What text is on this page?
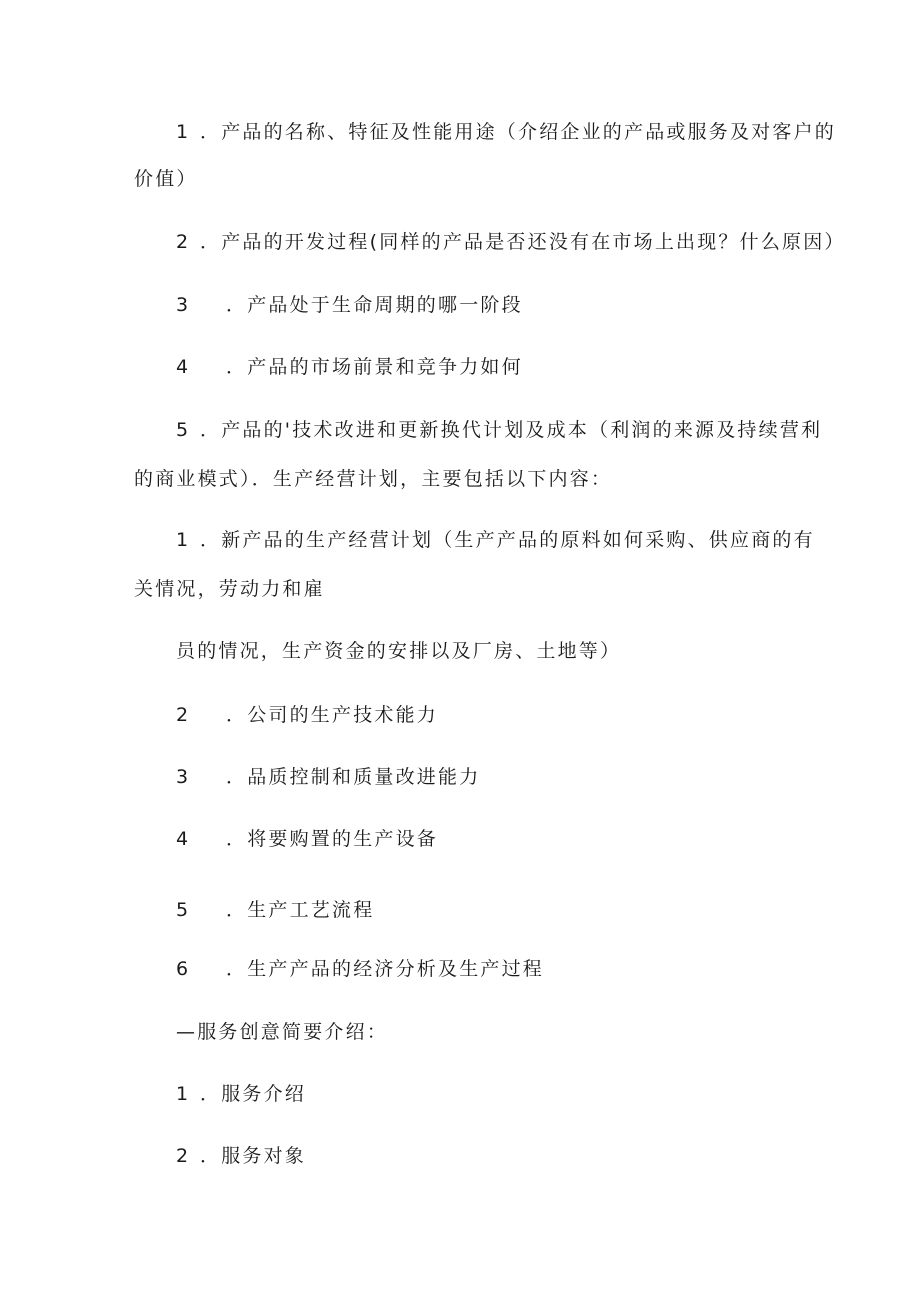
1 ．产品的名称、特征及性能用途（介绍企业的产品或服务及对客户的
价值）
2 ．产品的开发过程(同样的产品是否还没有在市场上出现？什么原因）
3 ．产品处于生命周期的哪一阶段
4 ．产品的市场前景和竞争力如何
5 ．产品的'技术改进和更新换代计划及成本（利润的来源及持续营利
的商业模式）．生产经营计划，主要包括以下内容：
1 ．新产品的生产经营计划（生产产品的原料如何采购、供应商的有
关情况，劳动力和雇
员的情况，生产资金的安排以及厂房、土地等）
2 ．公司的生产技术能力
3 ．品质控制和质量改进能力
4 ．将要购置的生产设备
5 ．生产工艺流程
6 ．生产产品的经济分析及生产过程
—服务创意简要介绍：
1 ．服务介绍
2 ．服务对象
